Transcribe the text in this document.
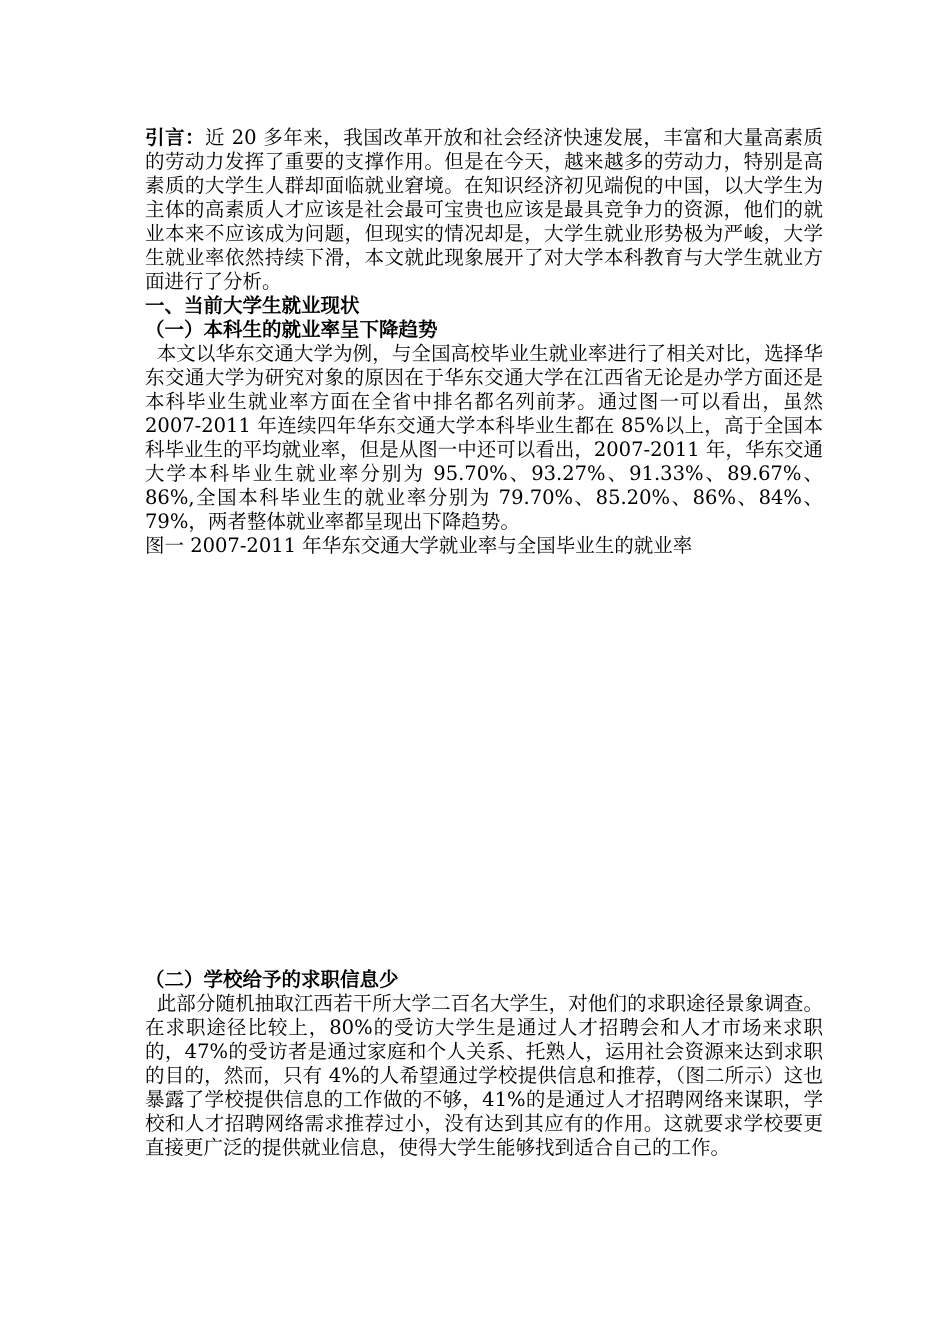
引言：近 20 多年来，我国改革开放和社会经济快速发展，丰富和大量高素质的劳动力发挥了重要的支撑作用。但是在今天，越来越多的劳动力，特别是高素质的大学生人群却面临就业窘境。在知识经济初见端倪的中国，以大学生为主体的高素质人才应该是社会最可宝贵也应该是最具竞争力的资源，他们的就业本来不应该成为问题，但现实的情况却是，大学生就业形势极为严峻，大学生就业率依然持续下滑，本文就此现象展开了对大学本科教育与大学生就业方面进行了分析。

一、当前大学生就业现状

（一）本科生的就业率呈下降趋势

本文以华东交通大学为例，与全国高校毕业生就业率进行了相关对比，选择华东交通大学为研究对象的原因在于华东交通大学在江西省无论是办学方面还是本科毕业生就业率方面在全省中排名都名列前茅。通过图一可以看出，虽然 2007-2011 年连续四年华东交通大学本科毕业生都在 85%以上，高于全国本科毕业生的平均就业率，但是从图一中还可以看出，2007-2011 年，华东交通大学本科毕业生就业率分别为 95.70%、93.27%、91.33%、89.67%、86%,全国本科毕业生的就业率分别为 79.70%、85.20%、86%、84%、79%，两者整体就业率都呈现出下降趋势。

图一 2007-2011 年华东交通大学就业率与全国毕业生的就业率

（二）学校给予的求职信息少

此部分随机抽取江西若干所大学二百名大学生，对他们的求职途径景象调查。在求职途径比较上，80%的受访大学生是通过人才招聘会和人才市场来求职的，47%的受访者是通过家庭和个人关系、托熟人，运用社会资源来达到求职的目的，然而，只有 4%的人希望通过学校提供信息和推荐，（图二所示）这也暴露了学校提供信息的工作做的不够，41%的是通过人才招聘网络来谋职，学校和人才招聘网络需求推荐过小，没有达到其应有的作用。这就要求学校要更直接更广泛的提供就业信息，使得大学生能够找到适合自己的工作。
